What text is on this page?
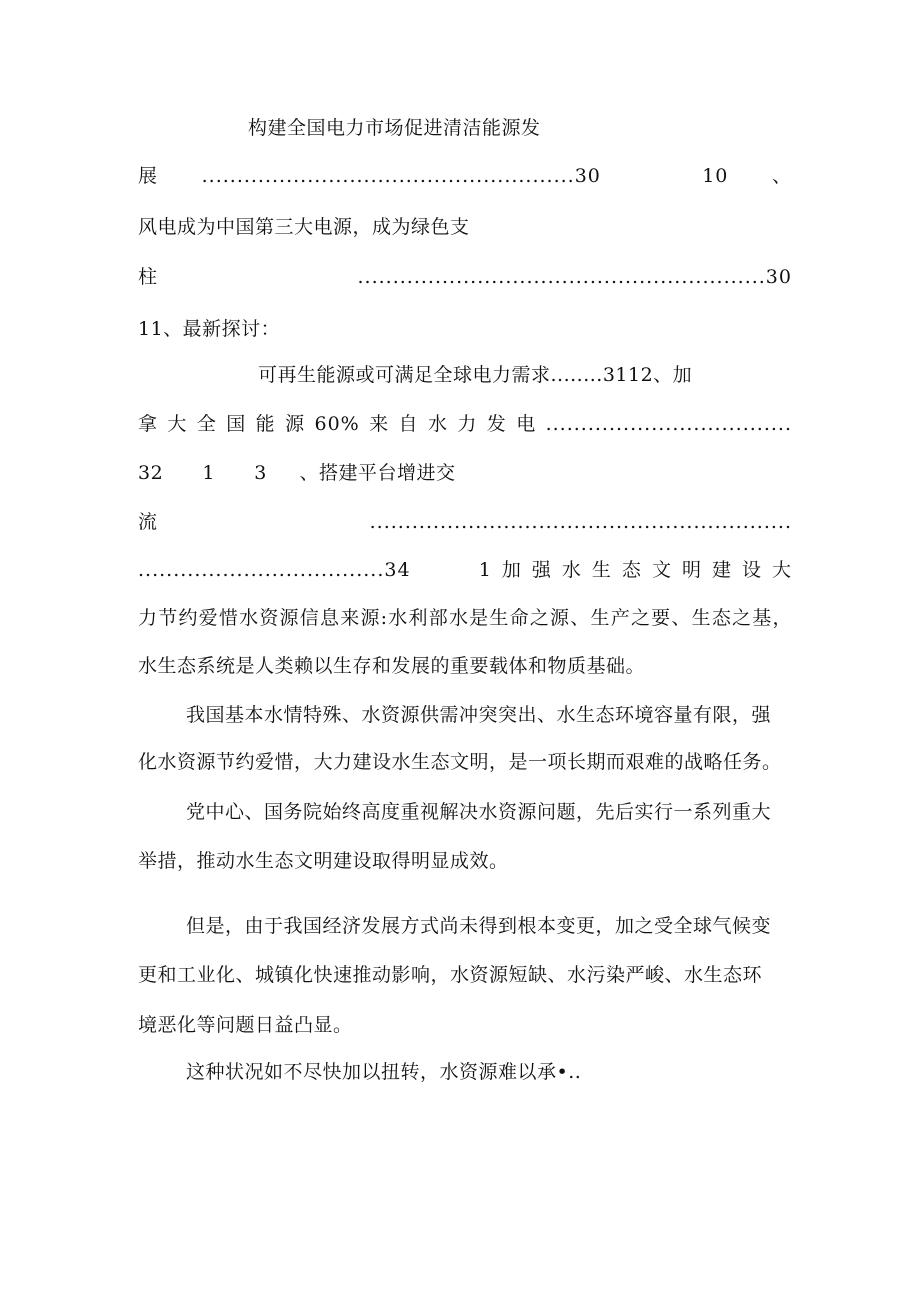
构建全国电力市场促进清洁能源发
展.....................................................30  10、
风电成为中国第三大电源，成为绿色支
柱..........................................................30
11、最新探讨：
可再生能源或可满足全球电力需求........3112、加
拿大全国能源60%来自水力发电...................................
32      1      3     、搭建平台增进交
流............................................................
...................................34    1加强水生态文明建设大
力节约爱惜水资源信息来源:水利部水是生命之源、生产之要、生态之基，
水生态系统是人类赖以生存和发展的重要载体和物质基础。
我国基本水情特殊、水资源供需冲突突出、水生态环境容量有限，强
化水资源节约爱惜，大力建设水生态文明，是一项长期而艰难的战略任务。
党中心、国务院始终高度重视解决水资源问题，先后实行一系列重大
举措，推动水生态文明建设取得明显成效。
但是，由于我国经济发展方式尚未得到根本变更，加之受全球气候变
更和工业化、城镇化快速推动影响，水资源短缺、水污染严峻、水生态环
境恶化等问题日益凸显。
这种状况如不尽快加以扭转，水资源难以承•..
